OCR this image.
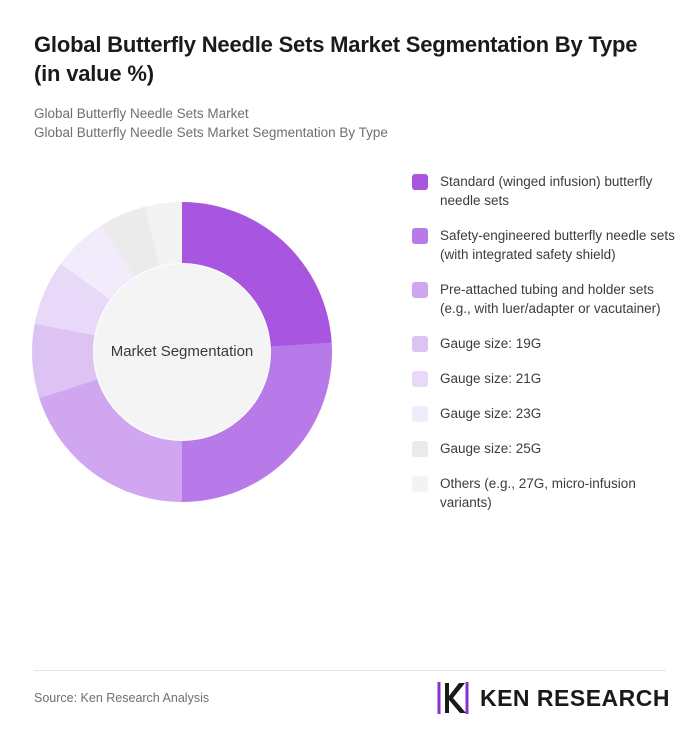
Global Butterfly Needle Sets Market Segmentation By Type (in value %)

Global Butterfly Needle Sets Market

Global Butterfly Needle Sets Market Segmentation By Type

Market Segmentation
Standard (winged infusion) butterfly needle sets
Safety-engineered butterfly needle sets (with integrated safety shield)
Pre-attached tubing and holder sets (e.g., with luer/adapter or vacutainer)
Gauge size: 19G
Gauge size: 21G
Gauge size: 23G
Gauge size: 25G
Others (e.g., 27G, micro-infusion variants)
Source: Ken Research Analysis	KEN RESEARCH
